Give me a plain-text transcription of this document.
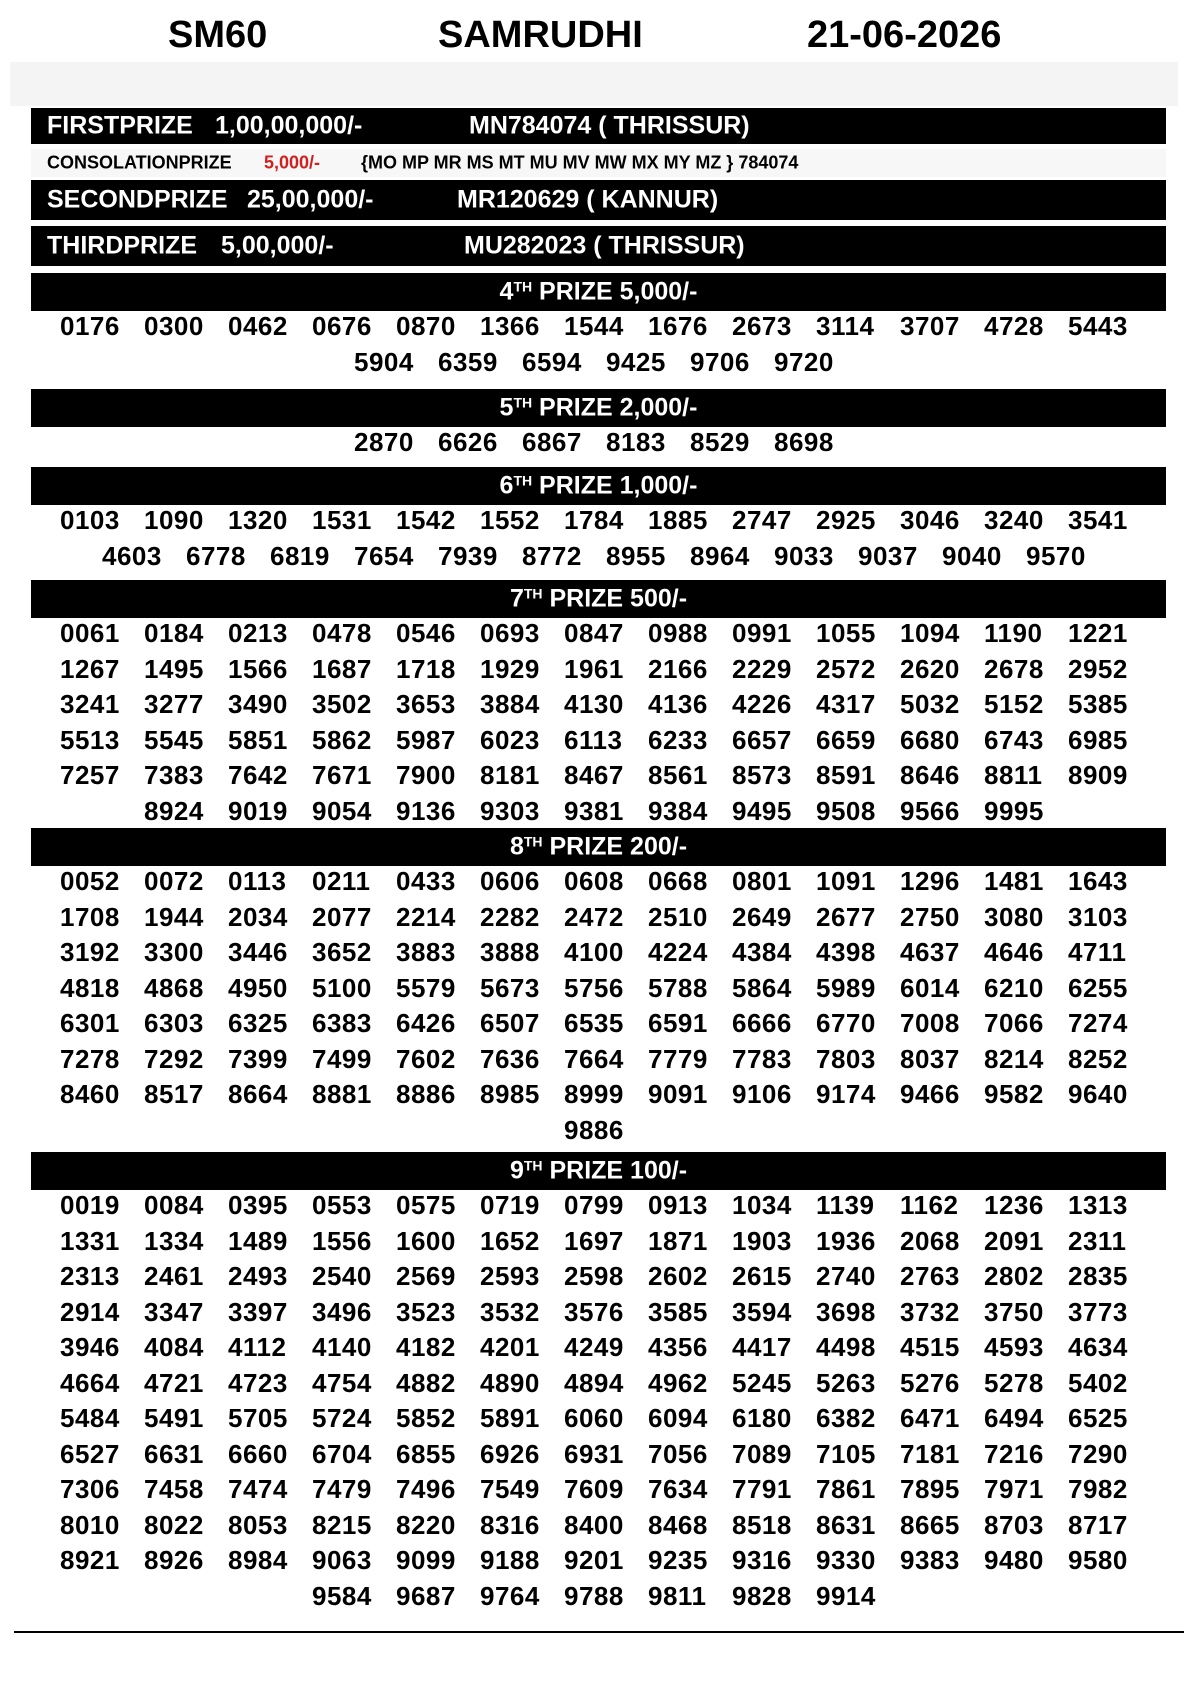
SM60	SAMRUDHI	21-06-2026
FIRSTPRIZE 1,00,00,000/-	MN784074 ( THRISSUR)
CONSOLATIONPRIZE 5,000/- {MO MP MR MS MT MU MV MW MX MY MZ } 784074
SECONDPRIZE 25,00,000/-	MR120629 ( KANNUR)
THIRDPRIZE 5,00,000/-	MU282023 ( THRISSUR)
4TH PRIZE 5,000/-
0176 0300 0462 0676 0870 1366 1544 1676 2673 3114 3707 4728 5443
5904 6359 6594 9425 9706 9720
5TH PRIZE 2,000/-
2870 6626 6867 8183 8529 8698
6TH PRIZE 1,000/-
0103 1090 1320 1531 1542 1552 1784 1885 2747 2925 3046 3240 3541
4603 6778 6819 7654 7939 8772 8955 8964 9033 9037 9040 9570
7TH PRIZE 500/-
0061 0184 0213 0478 0546 0693 0847 0988 0991 1055 1094 1190 1221
1267 1495 1566 1687 1718 1929 1961 2166 2229 2572 2620 2678 2952
3241 3277 3490 3502 3653 3884 4130 4136 4226 4317 5032 5152 5385
5513 5545 5851 5862 5987 6023 6113 6233 6657 6659 6680 6743 6985
7257 7383 7642 7671 7900 8181 8467 8561 8573 8591 8646 8811 8909
8924 9019 9054 9136 9303 9381 9384 9495 9508 9566 9995
8TH PRIZE 200/-
0052 0072 0113 0211 0433 0606 0608 0668 0801 1091 1296 1481 1643
1708 1944 2034 2077 2214 2282 2472 2510 2649 2677 2750 3080 3103
3192 3300 3446 3652 3883 3888 4100 4224 4384 4398 4637 4646 4711
4818 4868 4950 5100 5579 5673 5756 5788 5864 5989 6014 6210 6255
6301 6303 6325 6383 6426 6507 6535 6591 6666 6770 7008 7066 7274
7278 7292 7399 7499 7602 7636 7664 7779 7783 7803 8037 8214 8252
8460 8517 8664 8881 8886 8985 8999 9091 9106 9174 9466 9582 9640
9886
9TH PRIZE 100/-
0019 0084 0395 0553 0575 0719 0799 0913 1034 1139 1162 1236 1313
1331 1334 1489 1556 1600 1652 1697 1871 1903 1936 2068 2091 2311
2313 2461 2493 2540 2569 2593 2598 2602 2615 2740 2763 2802 2835
2914 3347 3397 3496 3523 3532 3576 3585 3594 3698 3732 3750 3773
3946 4084 4112 4140 4182 4201 4249 4356 4417 4498 4515 4593 4634
4664 4721 4723 4754 4882 4890 4894 4962 5245 5263 5276 5278 5402
5484 5491 5705 5724 5852 5891 6060 6094 6180 6382 6471 6494 6525
6527 6631 6660 6704 6855 6926 6931 7056 7089 7105 7181 7216 7290
7306 7458 7474 7479 7496 7549 7609 7634 7791 7861 7895 7971 7982
8010 8022 8053 8215 8220 8316 8400 8468 8518 8631 8665 8703 8717
8921 8926 8984 9063 9099 9188 9201 9235 9316 9330 9383 9480 9580
9584 9687 9764 9788 9811 9828 9914
